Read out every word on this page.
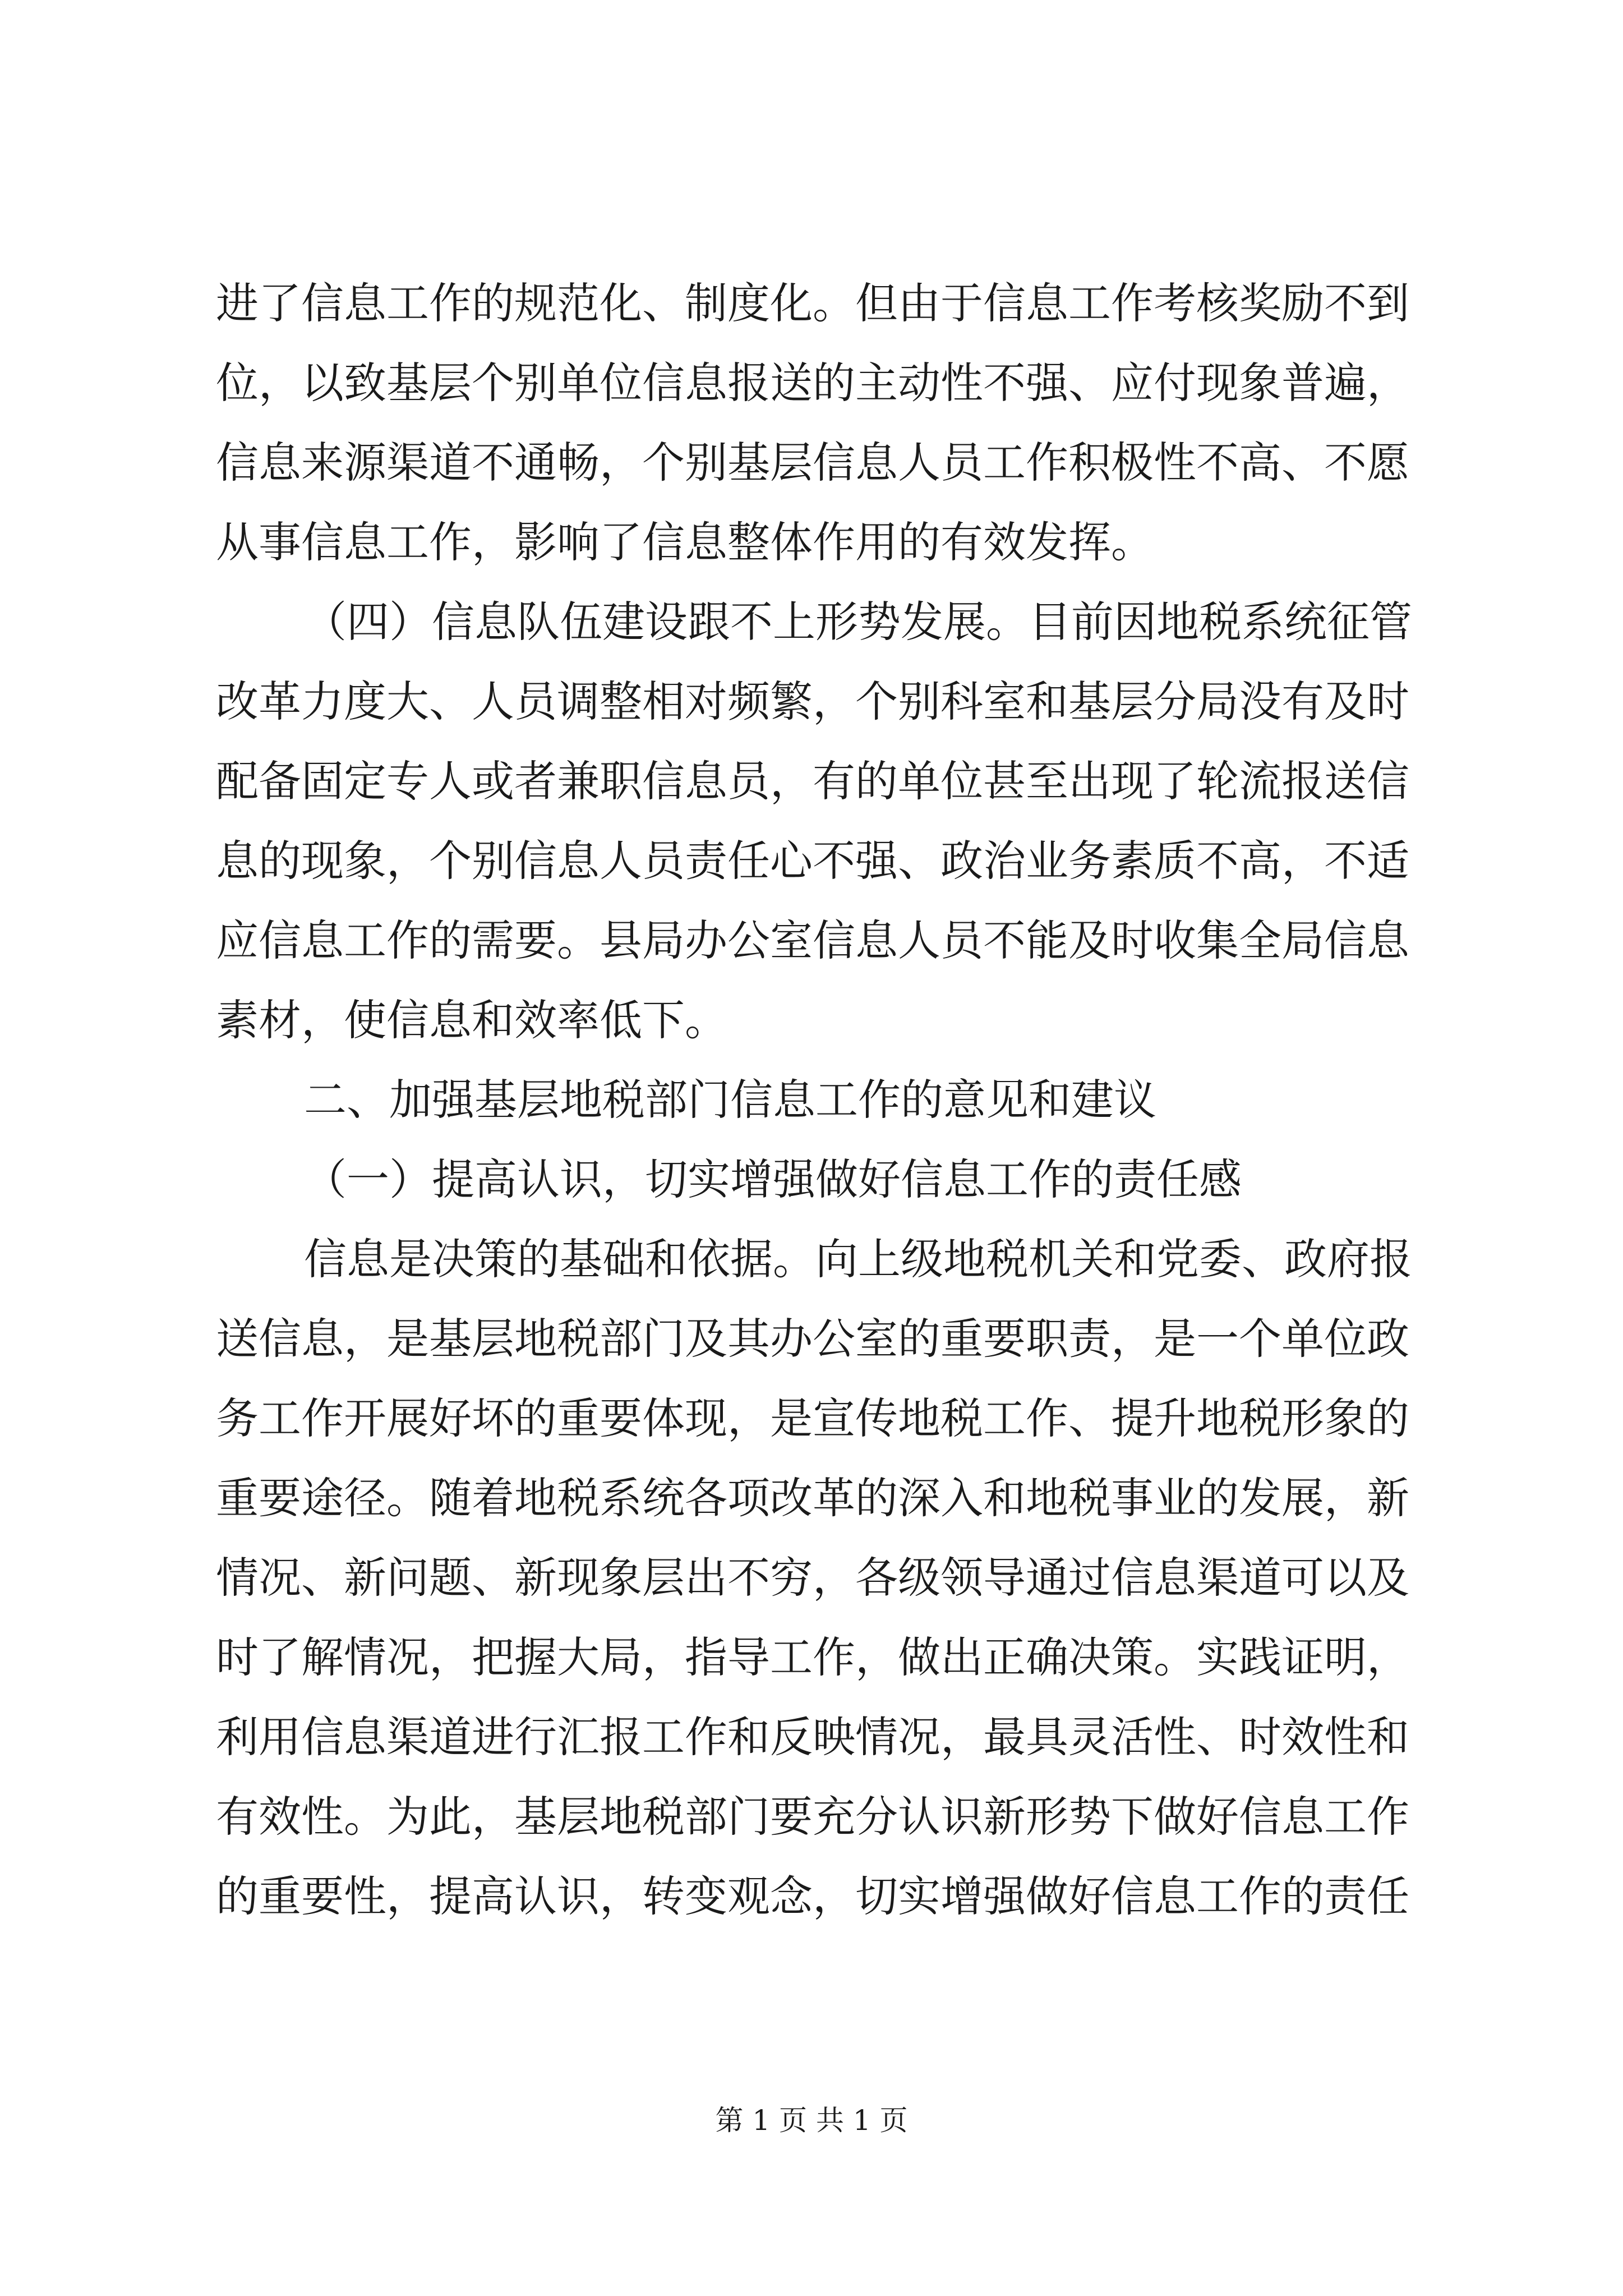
进了信息工作的规范化、制度化。但由于信息工作考核奖励不到
位，以致基层个别单位信息报送的主动性不强、应付现象普遍，
信息来源渠道不通畅，个别基层信息人员工作积极性不高、不愿
从事信息工作，影响了信息整体作用的有效发挥。
（四）信息队伍建设跟不上形势发展。目前因地税系统征管
改革力度大、人员调整相对频繁，个别科室和基层分局没有及时
配备固定专人或者兼职信息员，有的单位甚至出现了轮流报送信
息的现象，个别信息人员责任心不强、政治业务素质不高，不适
应信息工作的需要。县局办公室信息人员不能及时收集全局信息
素材，使信息和效率低下。
二、加强基层地税部门信息工作的意见和建议
（一）提高认识，切实增强做好信息工作的责任感
信息是决策的基础和依据。向上级地税机关和党委、政府报
送信息，是基层地税部门及其办公室的重要职责，是一个单位政
务工作开展好坏的重要体现，是宣传地税工作、提升地税形象的
重要途径。随着地税系统各项改革的深入和地税事业的发展，新
情况、新问题、新现象层出不穷，各级领导通过信息渠道可以及
时了解情况，把握大局，指导工作，做出正确决策。实践证明，
利用信息渠道进行汇报工作和反映情况，最具灵活性、时效性和
有效性。为此，基层地税部门要充分认识新形势下做好信息工作
的重要性，提高认识，转变观念，切实增强做好信息工作的责任
第 1 页 共 1 页
